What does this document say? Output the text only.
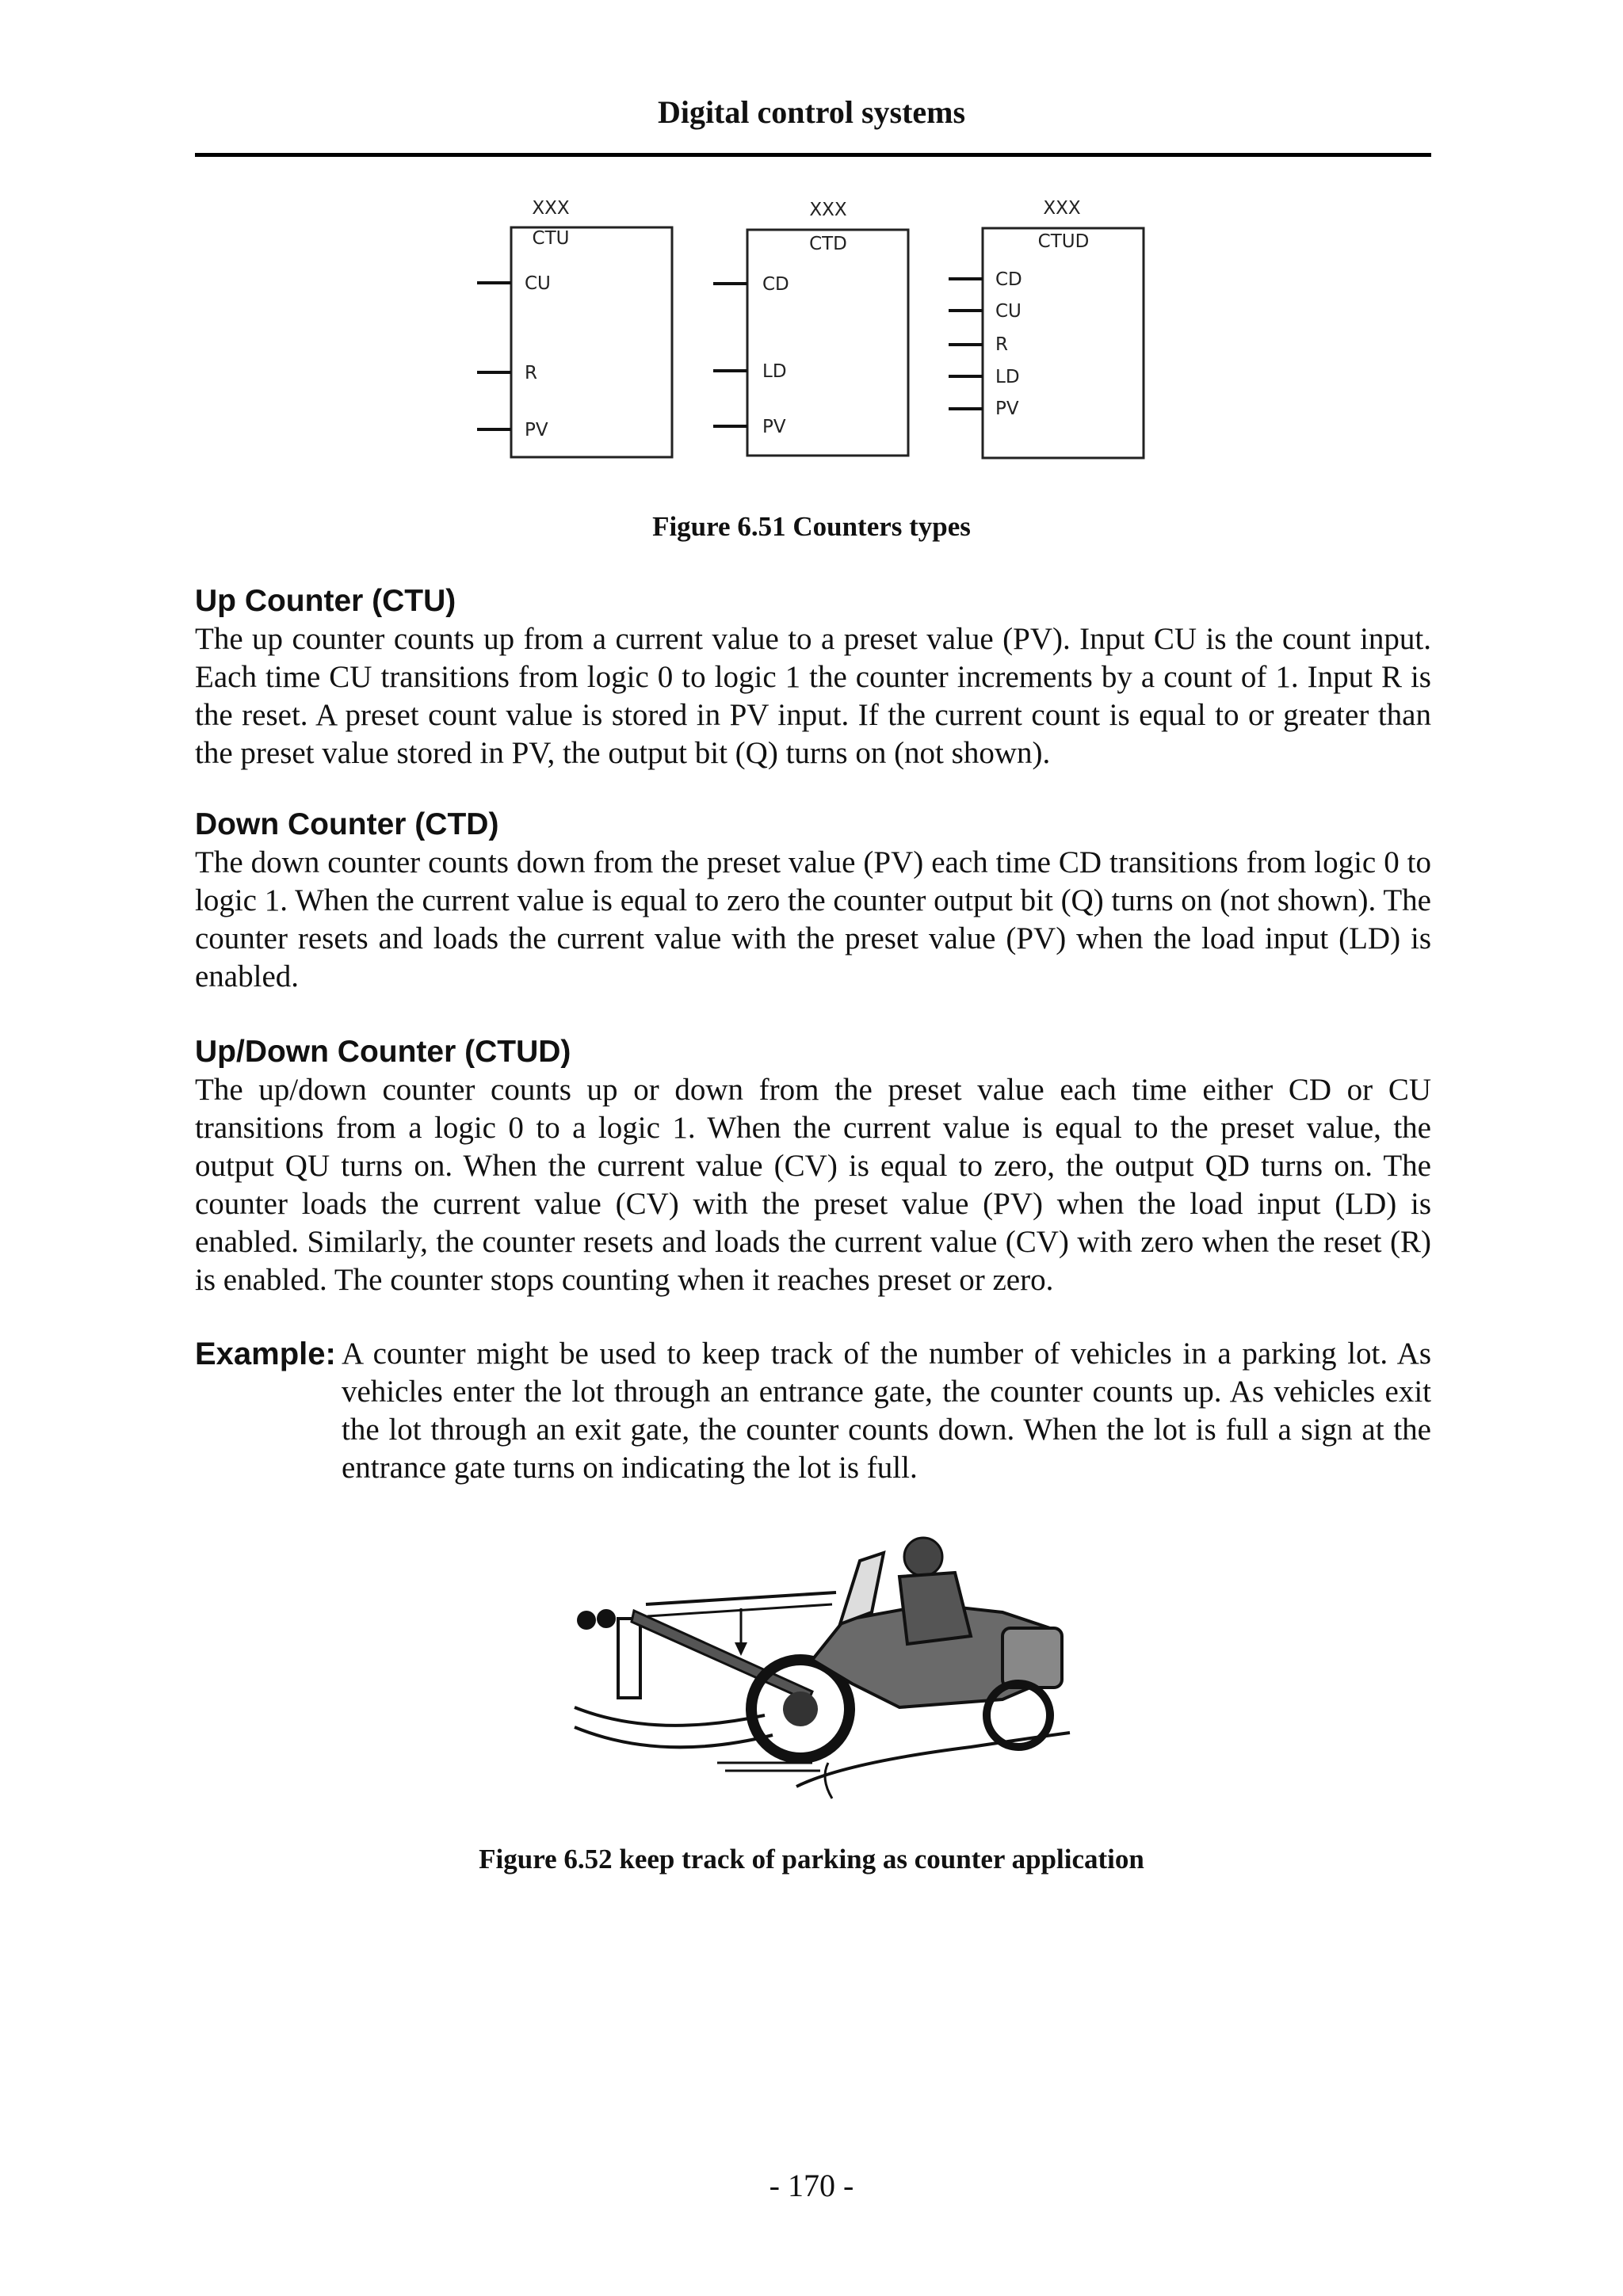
Digital control systems
XXX
CTU
CU
R
PV
XXX
CTD
CD
LD
PV
XXX
CTUD
CD
CU
R
LD
PV
Figure 6.51 Counters types
Up Counter (CTU)

The up counter counts up from a current value to a preset value (PV). Input CU is the count input. Each time CU transitions from logic 0 to logic 1 the counter increments by a count of 1. Input R is the reset. A preset count value is stored in PV input. If the current count is equal to or greater than the preset value stored in PV, the output bit (Q) turns on (not shown).

Down Counter (CTD)

The down counter counts down from the preset value (PV) each time CD transitions from logic 0 to logic 1. When the current value is equal to zero the counter output bit (Q) turns on (not shown). The counter resets and loads the current value with the preset value (PV) when the load input (LD) is enabled.

Up/Down Counter (CTUD)

The up/down counter counts up or down from the preset value each time either CD or CU transitions from a logic 0 to a logic 1. When the current value is equal to the preset value, the output QU turns on. When the current value (CV) is equal to zero, the output QD turns on. The counter loads the current value (CV) with the preset value (PV) when the load input (LD) is enabled. Similarly, the counter resets and loads the current value (CV) with zero when the reset (R) is enabled. The counter stops counting when it reaches preset or zero.

Example: A counter might be used to keep track of the number of vehicles in a parking lot. As vehicles enter the lot through an entrance gate, the counter counts up. As vehicles exit the lot through an exit gate, the counter counts down. When the lot is full a sign at the entrance gate turns on indicating the lot is full.

Figure 6.52 keep track of parking as counter application
- 170 -
